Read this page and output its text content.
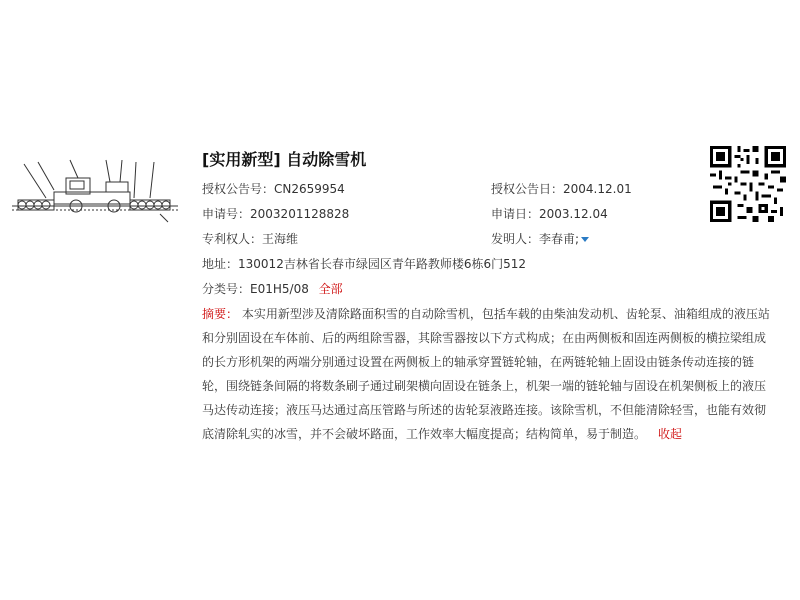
[实用新型] 自动除雪机
授权公告号：CN2659954	授权公告日：2004.12.01
申请号：2003201128828	申请日：2003.12.04
专利权人：王海维	发明人：李春甫;
地址：130012吉林省长春市绿园区青年路教师楼6栋6门512
分类号：E01H5/08 全部
摘要： 本实用新型涉及清除路面积雪的自动除雪机，包括车载的由柴油发动机、齿轮泵、油箱组成的液压站和分别固设在车体前、后的两组除雪器，其除雪器按以下方式构成；在由两侧板和固连两侧板的横拉梁组成的长方形机架的两端分别通过设置在两侧板上的轴承穿置链轮轴，在两链轮轴上固设由链条传动连接的链轮，围绕链条间隔的将数条刷子通过刷架横向固设在链条上，机架一端的链轮轴与固设在机架侧板上的液压马达传动连接；液压马达通过高压管路与所述的齿轮泵液路连接。该除雪机，不但能清除轻雪，也能有效彻底清除轧实的冰雪，并不会破坏路面，工作效率大幅度提高；结构简单，易于制造。 收起
